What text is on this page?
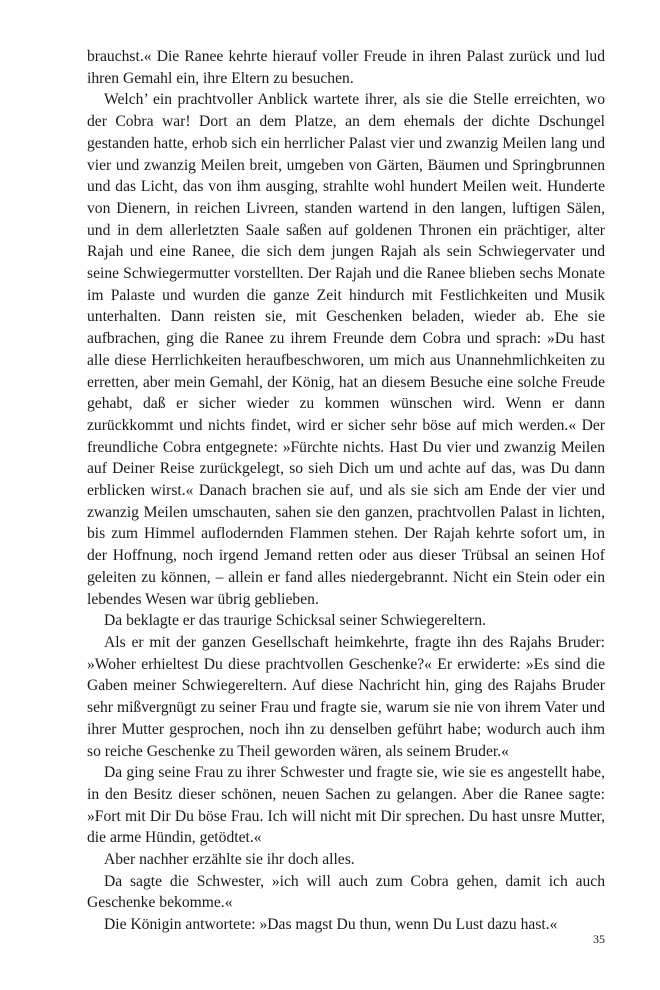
brauchst.« Die Ranee kehrte hierauf voller Freude in ihren Palast zurück und lud ihren Gemahl ein, ihre Eltern zu besuchen.

Welch’ ein prachtvoller Anblick wartete ihrer, als sie die Stelle erreichten, wo der Cobra war! Dort an dem Platze, an dem ehemals der dichte Dschungel gestanden hatte, erhob sich ein herrlicher Palast vier und zwanzig Meilen lang und vier und zwanzig Meilen breit, umgeben von Gärten, Bäumen und Springbrunnen und das Licht, das von ihm ausging, strahlte wohl hundert Meilen weit. Hunderte von Dienern, in reichen Livreen, standen wartend in den langen, luftigen Sälen, und in dem allerletzten Saale saßen auf goldenen Thronen ein prächtiger, alter Rajah und eine Ranee, die sich dem jungen Rajah als sein Schwiegervater und seine Schwiegermutter vorstellten. Der Rajah und die Ranee blieben sechs Monate im Palaste und wurden die ganze Zeit hindurch mit Festlichkeiten und Musik unterhalten. Dann reisten sie, mit Geschenken beladen, wieder ab. Ehe sie aufbrachen, ging die Ranee zu ihrem Freunde dem Cobra und sprach: »Du hast alle diese Herrlichkeiten heraufbeschworen, um mich aus Unannehmlichkeiten zu erretten, aber mein Gemahl, der König, hat an diesem Besuche eine solche Freude gehabt, daß er sicher wieder zu kommen wünschen wird. Wenn er dann zurückkommt und nichts findet, wird er sicher sehr böse auf mich werden.« Der freundliche Cobra entgegnete: »Fürchte nichts. Hast Du vier und zwanzig Meilen auf Deiner Reise zurückgelegt, so sieh Dich um und achte auf das, was Du dann erblicken wirst.« Danach brachen sie auf, und als sie sich am Ende der vier und zwanzig Meilen umschauten, sahen sie den ganzen, prachtvollen Palast in lichten, bis zum Himmel auflodernden Flammen stehen. Der Rajah kehrte sofort um, in der Hoffnung, noch irgend Jemand retten oder aus dieser Trübsal an seinen Hof geleiten zu können, – allein er fand alles niedergebrannt. Nicht ein Stein oder ein lebendes Wesen war übrig geblieben.

Da beklagte er das traurige Schicksal seiner Schwiegereltern.

Als er mit der ganzen Gesellschaft heimkehrte, fragte ihn des Rajahs Bruder: »Woher erhieltest Du diese prachtvollen Geschenke?« Er erwiderte: »Es sind die Gaben meiner Schwiegereltern. Auf diese Nachricht hin, ging des Rajahs Bruder sehr mißvergnügt zu seiner Frau und fragte sie, warum sie nie von ihrem Vater und ihrer Mutter gesprochen, noch ihn zu denselben geführt habe; wodurch auch ihm so reiche Geschenke zu Theil geworden wären, als seinem Bruder.«

Da ging seine Frau zu ihrer Schwester und fragte sie, wie sie es angestellt habe, in den Besitz dieser schönen, neuen Sachen zu gelangen. Aber die Ranee sagte: »Fort mit Dir Du böse Frau. Ich will nicht mit Dir sprechen. Du hast unsre Mutter, die arme Hündin, getödtet.«

Aber nachher erzählte sie ihr doch alles.

Da sagte die Schwester, »ich will auch zum Cobra gehen, damit ich auch Geschenke bekomme.«

Die Königin antwortete: »Das magst Du thun, wenn Du Lust dazu hast.«

35
